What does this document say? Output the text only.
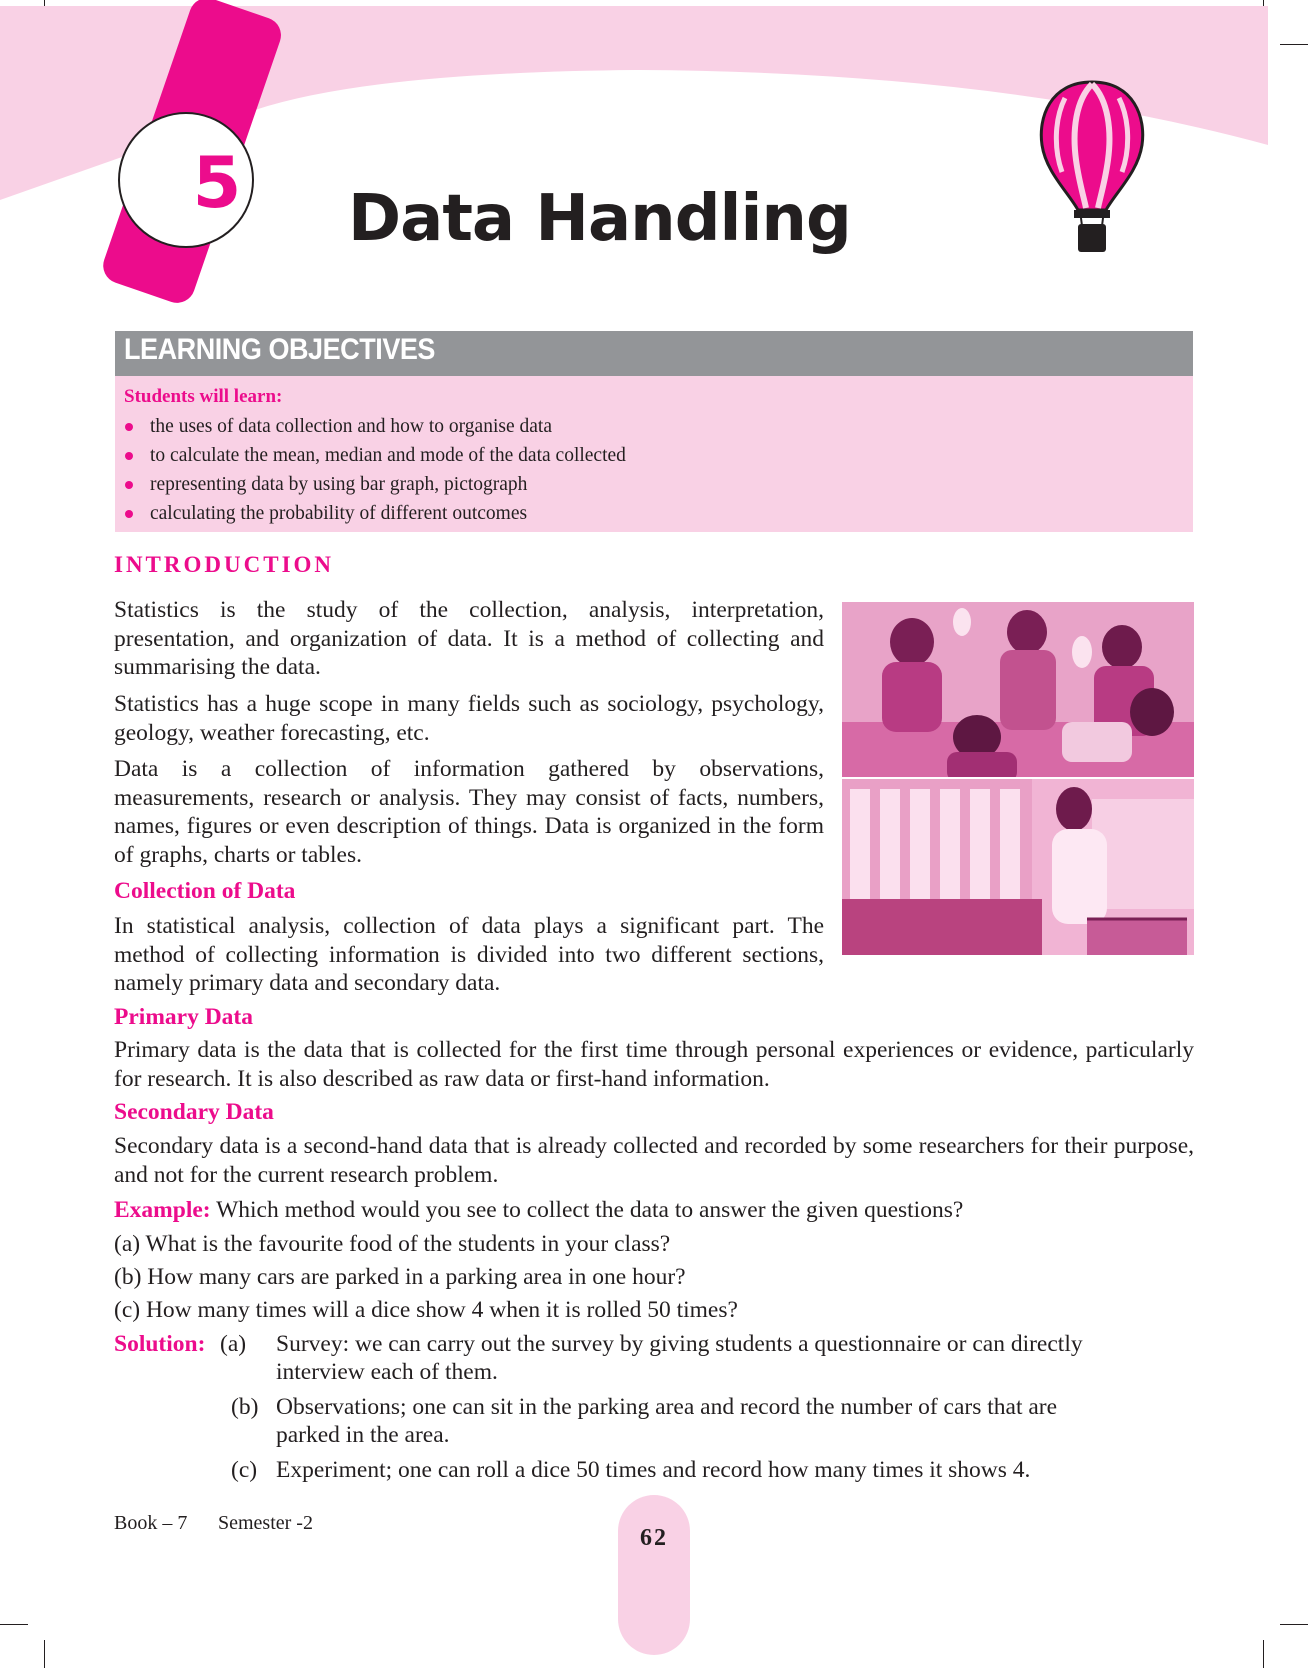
5	Data Handling
LEARNING OBJECTIVES
Students will learn:
the uses of data collection and how to organise data
to calculate the mean, median and mode of the data collected
representing data by using bar graph, pictograph
calculating the probability of different outcomes
INTRODUCTION
Statistics is the study of the collection, analysis, interpretation, presentation, and organization of data. It is a method of collecting and summarising the data.
Statistics has a huge scope in many fields such as sociology, psychology, geology, weather forecasting, etc.
Data is a collection of information gathered by observations, measurements, research or analysis. They may consist of facts, numbers, names, figures or even description of things. Data is organized in the form of graphs, charts or tables.
Collection of Data
In statistical analysis, collection of data plays a significant part. The method of collecting information is divided into two different sections, namely primary data and secondary data.
Primary Data
Primary data is the data that is collected for the first time through personal experiences or evidence, particularly for research. It is also described as raw data or first-hand information.
Secondary Data
Secondary data is a second-hand data that is already collected and recorded by some researchers for their purpose, and not for the current research problem.
Example: Which method would you see to collect the data to answer the given questions?
(a) What is the favourite food of the students in your class?
(b) How many cars are parked in a parking area in one hour?
(c) How many times will a dice show 4 when it is rolled 50 times?
Solution: (a) Survey: we can carry out the survey by giving students a questionnaire or can directly
interview each of them.
(b) Observations; one can sit in the parking area and record the number of cars that are
parked in the area.
(c) Experiment; one can roll a dice 50 times and record how many times it shows 4.
Book – 7 Semester -2
62
